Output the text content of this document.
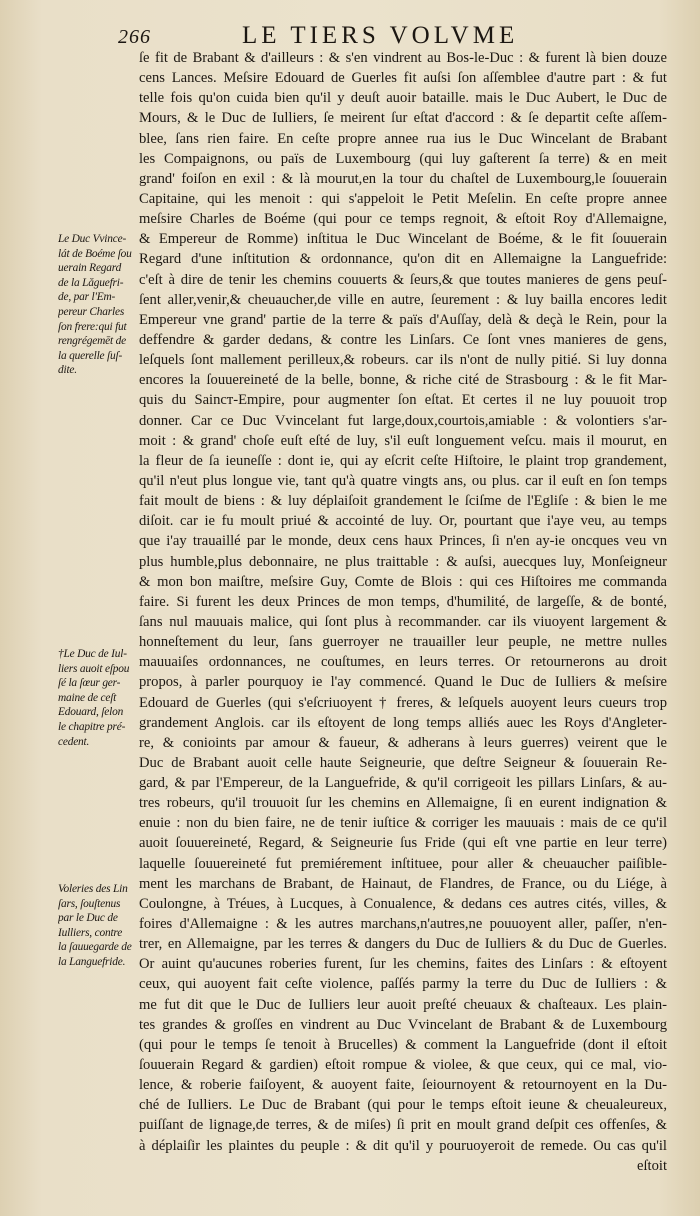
266	LE TIERS VOLVME
ſe fit de Brabant & d'ailleurs : & s'en vindrent au Bos-le-Duc : & furent là bien douze
cens Lances. Meſsire Edouard de Guerles fit auſsi ſon aſſemblee d'autre part : & fut
telle fois qu'on cuida bien qu'il y deuſt auoir bataille. mais le Duc Aubert, le Duc de
Mours, & le Duc de Iulliers, ſe meirent ſur eſtat d'accord : & ſe departit ceſte aſſem-
blee, ſans rien faire. En ceſte propre annee rua ius le Duc Wincelant de Brabant
les Compaignons, ou païs de Luxembourg (qui luy gaſterent ſa terre) & en meit
grand' foiſon en exil : & là mourut,en la tour du chaſtel de Luxembourg,le ſouuerain
Capitaine, qui les menoit : qui s'appeloit le Petit Meſelin. En ceſte propre annee
meſsire Charles de Boéme (qui pour ce temps regnoit, & eſtoit Roy d'Allemaigne,
& Empereur de Romme) inſtitua le Duc Wincelant de Boéme, & le fit ſouuerain
Regard d'une inſtitution & ordonnance, qu'on dit en Allemaigne la Languefride:
c'eſt à dire de tenir les chemins couuerts & ſeurs,& que toutes manieres de gens peuſ-
ſent aller,venir,& cheuaucher,de ville en autre, ſeurement : & luy bailla encores ledit
Empereur vne grand' partie de la terre & païs d'Auſſay, delà & deçà le Rein, pour la
deffendre & garder dedans, & contre les Linſars. Ce ſont vnes manieres de gens,
leſquels ſont mallement perilleux,& robeurs. car ils n'ont de nully pitié. Si luy donna
encores la ſouuereineté de la belle, bonne, & riche cité de Strasbourg : & le fit Mar-
quis du Saincт-Empire, pour augmenter ſon eſtat. Et certes il ne luy pouuoit trop
donner. Car ce Duc Vvincelant fut large,doux,courtois,amiable : & volontiers s'ar-
moit : & grand' choſe euſt eſté de luy, s'il euſt longuement veſcu. mais il mourut, en
la fleur de ſa ieuneſſe : dont ie, qui ay eſcrit ceſte Hiſtoire, le plaint trop grandement,
qu'il n'eut plus longue vie, tant qu'à quatre vingts ans, ou plus. car il euſt en ſon temps
fait moult de biens : & luy déplaiſoit grandement le ſciſme de l'Egliſe : & bien le me
diſoit. car ie fu moult priué & accointé de luy. Or, pourtant que i'aye veu, au temps
que i'ay trauaillé par le monde, deux cens haux Princes, ſi n'en ay-ie oncques veu vn
plus humble,plus debonnaire, ne plus traittable : & auſsi, auecques luy, Monſeigneur
& mon bon maiſtre, meſsire Guy, Comte de Blois : qui ces Hiſtoires me commanda
faire. Si furent les deux Princes de mon temps, d'humilité, de largeſſe, & de bonté,
ſans nul mauuais malice, qui ſont plus à recommander. car ils viuoyent largement &
honneſtement du leur, ſans guerroyer ne trauailler leur peuple, ne mettre nulles
mauuaiſes ordonnances, ne couſtumes, en leurs terres. Or retournerons au droit
propos, à parler pourquoy ie l'ay commencé. Quand le Duc de Iulliers & meſsire
Edouard de Guerles (qui s'eſcriuoyent † freres, & leſquels auoyent leurs cueurs trop
grandement Anglois. car ils eſtoyent de long temps alliés auec les Roys d'Angleter-
re, & conioints par amour & faueur, & adherans à leurs guerres) veirent que le
Duc de Brabant auoit celle haute Seigneurie, que deſtre Seigneur & ſouuerain Re-
gard, & par l'Empereur, de la Languefride, & qu'il corrigeoit les pillars Linſars, & au-
tres robeurs, qu'il trouuoit ſur les chemins en Allemaigne, ſi en eurent indignation &
enuie : non du bien faire, ne de tenir iuſtice & corriger les mauuais : mais de ce qu'il
auoit ſouuereineté, Regard, & Seigneurie ſus Fride (qui eſt vne partie en leur terre)
laquelle ſouuereineté fut premiérement inſtituee, pour aller & cheuaucher paiſible-
ment les marchans de Brabant, de Hainaut, de Flandres, de France, ou du Liége, à
Coulongne, à Tréues, à Lucques, à Conualence, & dedans ces autres cités, villes, &
foires d'Allemaigne : & les autres marchans,n'autres,ne pouuoyent aller, paſſer, n'en-
trer, en Allemaigne, par les terres & dangers du Duc de Iulliers & du Duc de Guerles.
Or auint qu'aucunes roberies furent, ſur les chemins, faites des Linſars : & eſtoyent
ceux, qui auoyent fait ceſte violence, paſſés parmy la terre du Duc de Iulliers : &
me fut dit que le Duc de Iulliers leur auoit preſté cheuaux & chaſteaux. Les plain-
tes grandes & groſſes en vindrent au Duc Vvincelant de Brabant & de Luxembourg
(qui pour le temps ſe tenoit à Brucelles) & comment la Languefride (dont il eſtoit
ſouuerain Regard & gardien) eſtoit rompue & violee, & que ceux, qui ce mal, vio-
lence, & roberie faiſoyent, & auoyent faite, ſeiournoyent & retournoyent en la Du-
ché de Iulliers. Le Duc de Brabant (qui pour le temps eſtoit ieune & cheualeureux,
puiſſant de lignage,de terres, & de miſes) ſi prit en moult grand deſpit ces offenſes, &
à déplaiſir les plaintes du peuple : & dit qu'il y pouruoyeroit de remede. Ou cas qu'il
eſtoit
Le Duc Vvince-
lát de Boéme ſou
uerain Regard
de la Lăguefri-
de, par l'Em-
pereur Charles
ſon frere:qui fut
rengrégemēt de
la querelle ſuſ-
dite.
†Le Duc de Iul-
liers auoit eſpou
ſé la ſœur ger-
maine de ceſt
Edouard, ſelon
le chapitre pré-
cedent.
Voleries des Lin
ſars, ſouſtenus
par le Duc de
Iulliers, contre
la ſauuegarde de
la Languefride.
